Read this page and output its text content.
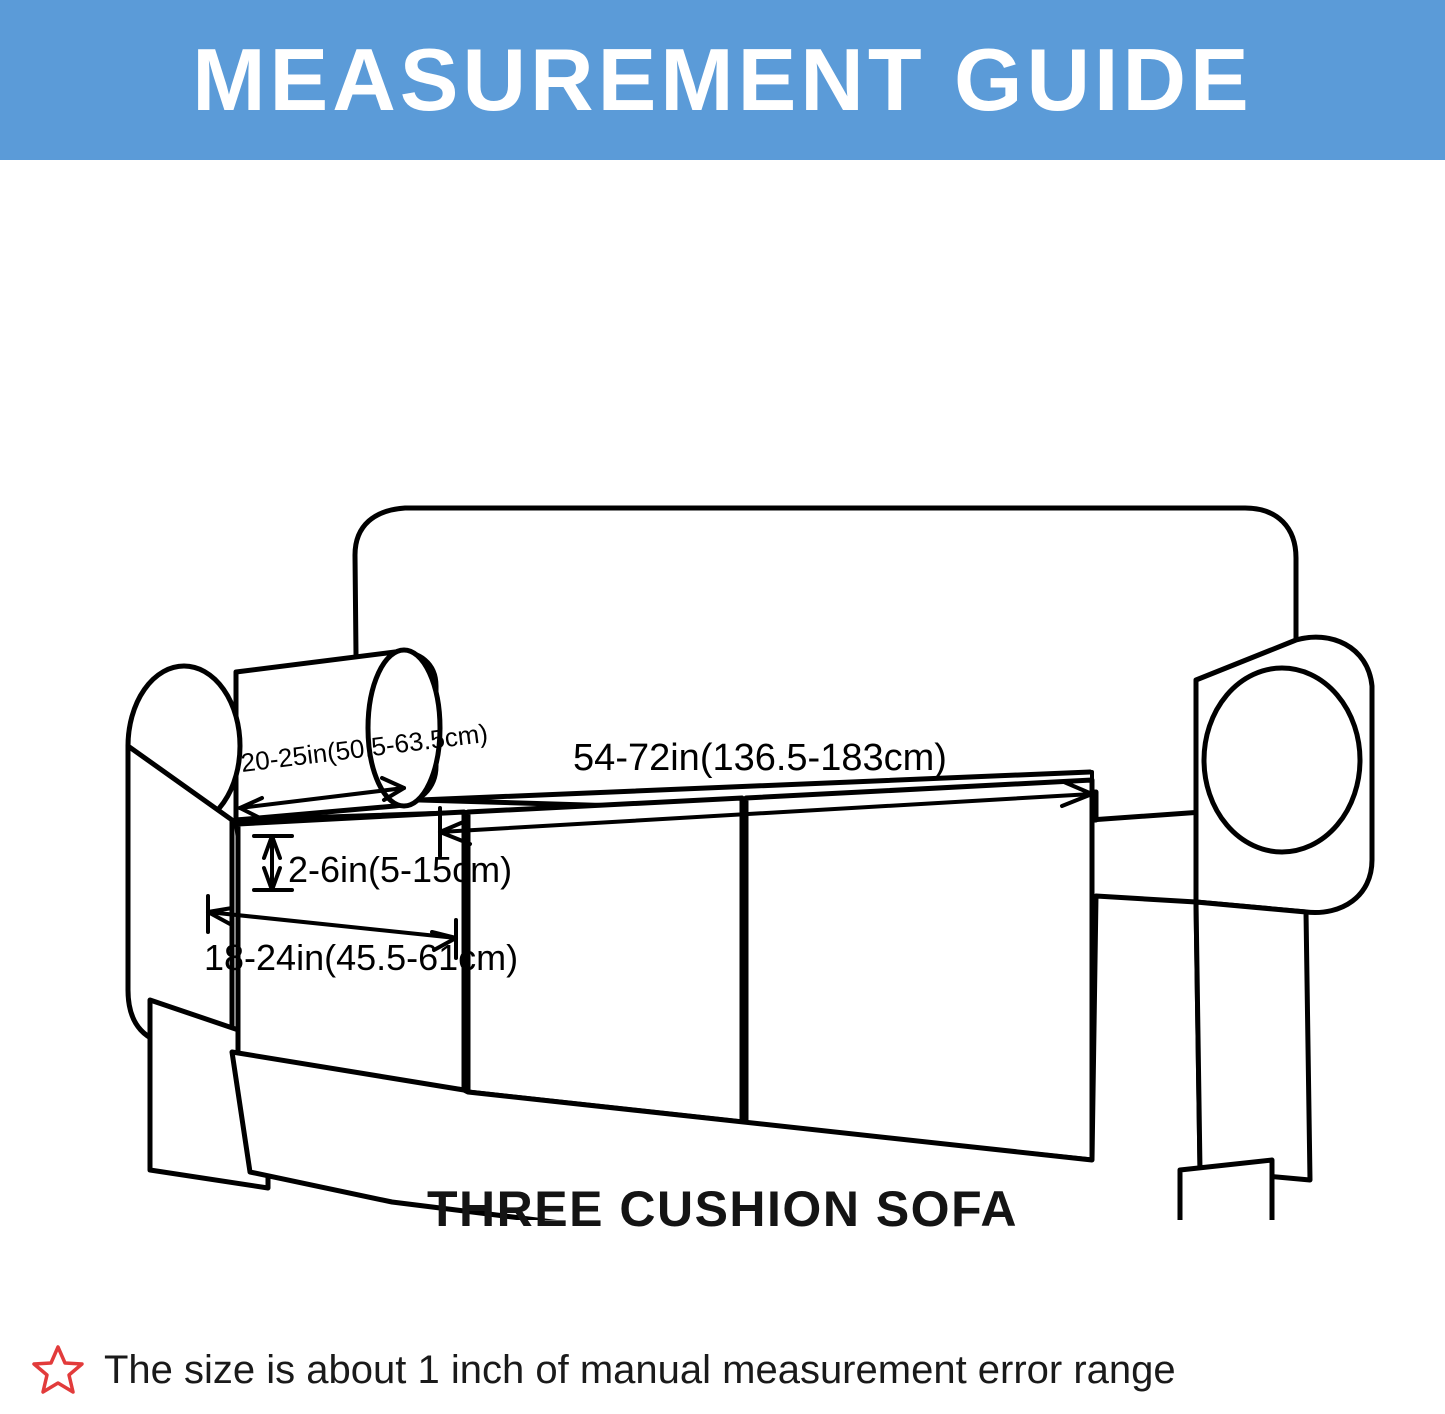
MEASUREMENT GUIDE
54-72in(136.5-183cm)
20-25in(50.5-63.5cm)
2-6in(5-15cm)
18-24in(45.5-61cm)
THREE CUSHION SOFA
The size is about 1 inch of manual measurement error range
